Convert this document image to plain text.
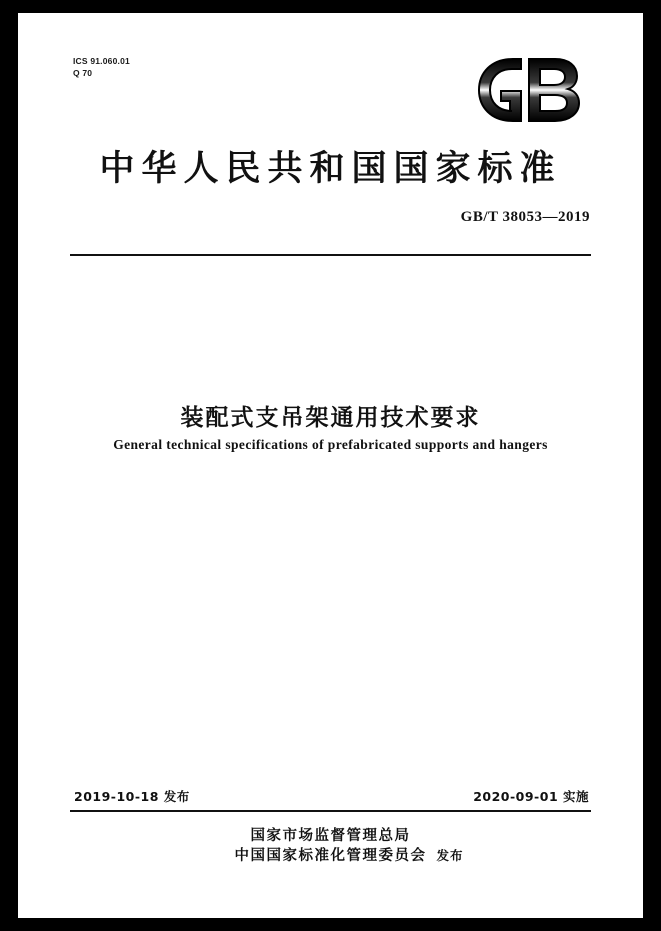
ICS 91.060.01
Q 70
中华人民共和国国家标准
GB/T 38053—2019
装配式支吊架通用技术要求
General technical specifications of prefabricated supports and hangers
2019-10-18 发布	2020-09-01 实施
国家市场监督管理总局
中国国家标准化管理委员会 发布
